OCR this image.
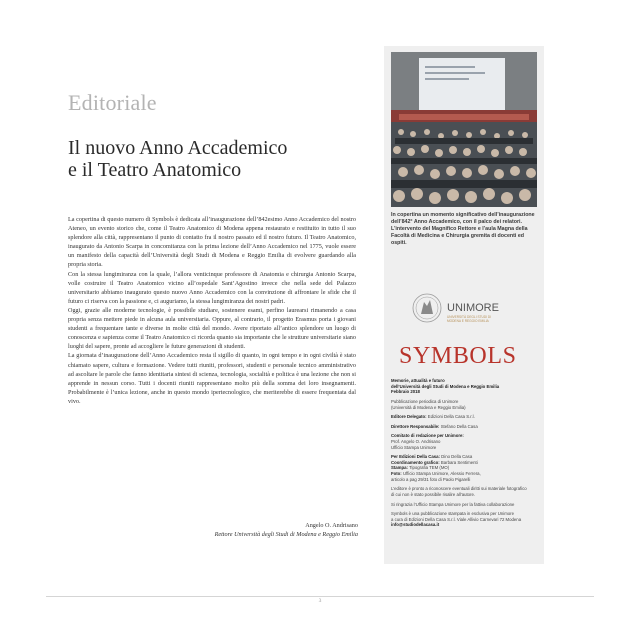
Editoriale
Il nuovo Anno Accademico
e il Teatro Anatomico

La copertina di questo numero di Symbols è dedicata all’inaugurazione dell’842esimo Anno Accademico del nostro Ateneo, un evento storico che, come il Teatro Anatomico di Modena appena restaurato e restituito in tutto il suo splendore alla città, rappresentano il punto di contatto fra il nostro passato ed il nostro futuro. Il Teatro Anatomico, inaugurato da Antonio Scarpa in concomitanza con la prima lezione dell’Anno Accademico nel 1775, vuole essere un manifesto della capacità dell’Università degli Studi di Modena e Reggio Emilia di evolvere guardando alla propria storia.

Con la stessa lungimiranza con la quale, l’allora venticinque professore di Anatomia e chirurgia Antonio Scarpa, volle costruire il Teatro Anatomico vicino all’ospedale Sant’Agostino invece che nella sede del Palazzo universitario abbiamo inaugurato questo nuovo Anno Accademico con la convinzione di affrontare le sfide che il futuro ci riserva con la passione e, ci auguriamo, la stessa lungimiranza dei nostri padri.

Oggi, grazie alle moderne tecnologie, è possibile studiare, sostenere esami, perfino laurearsi rimanendo a casa propria senza mettere piede in alcuna aula universitaria. Oppure, al contrario, il progetto Erasmus porta i giovani studenti a frequentare tante e diverse in molte città del mondo. Avere riportato all’antico splendore un luogo di conoscenza e sapienza come il Teatro Anatomico ci ricorda quanto sia importante che le strutture universitarie siano luoghi del sapere, pronte ad accogliere le future generazioni di studenti.

La giornata d’inaugurazione dell’Anno Accademico resta il sigillo di quanto, in ogni tempo e in ogni civiltà è stato chiamato sapere, cultura e formazione. Vedere tutti riuniti, professori, studenti e personale tecnico amministrativo ad ascoltare le parole che fanno identitaria sintesi di scienza, tecnologia, socialità e politica è una lezione che non si apprende in nessun corso. Tutti i docenti riuniti rappresentano molto più della somma dei loro insegnamenti. Probabilmente è l’unica lezione, anche in questo mondo ipertecnologico, che meriterebbe di essere frequentata dal vivo.

Angelo O. Andrisano
Rettore Università degli Studi di Modena e Reggio Emilia
In copertina un momento significativo dell’inaugurazione dell’842° Anno Accademico, con il palco dei relatori. L’intervento del Magnifico Rettore e l’aula Magna della Facoltà di Medicina e Chirurgia gremita di docenti ed ospiti.
UNIMORE
UNIVERSITÀ DEGLI STUDI DI
MODENA E REGGIO EMILIA
SYMBOLS
Memorie, attualità e futuro
dell’Università degli Studi di Modena e Reggio Emilia
Febbraio 2018
Pubblicazione periodica di Unimore
(Università di Modena e Reggio Emilia)
Editore Delegato: Edizioni Della Casa S.r.l.
Direttore Responsabile: Stefano Della Casa
Comitato di redazione per Unimore:
Prof. Angelo O. Andrisano
Ufficio Stampa Unimore
Per Edizioni Della Casa: Dino Della Casa
Coordinamento grafico: Barbara Sentimenti
Stampa: Tipografia TEM (MO)
Foto: Ufficio Stampa Unimore, Alessio Ferrera,
articolo a pag 29/31 foto di Paolo Pigarelli
L’editore è pronto a riconoscere eventuali diritti sui materiale fotografico
di cui non è stato possibile risalire all’autore.
Si ringrazia l’Ufficio Stampa Unimore per la fattiva collaborazione
Symbols è una pubblicazione stampata in esclusiva per Unimore
a cura di Edizioni Della Casa S.r.l. Viale Allivio Carnevari 72 Modena
info@studiodellacasa.it
3
